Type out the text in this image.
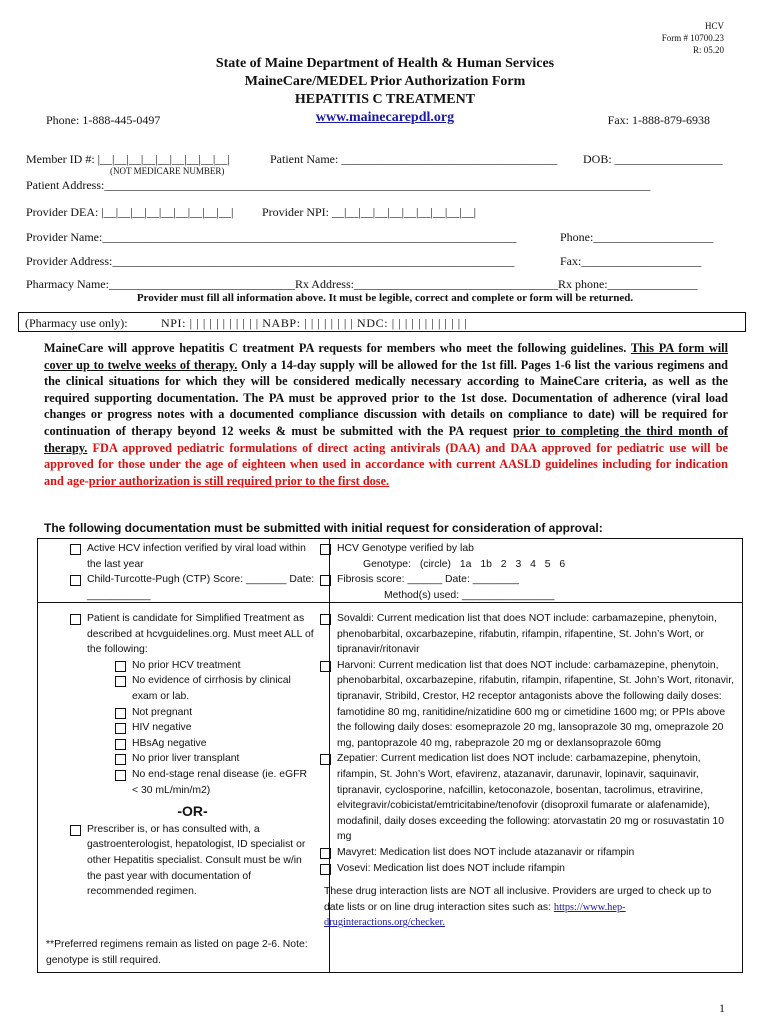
HCV
Form # 10700.23
R: 05.20
State of Maine Department of Health & Human Services
MaineCare/MEDEL Prior Authorization Form
HEPATITIS C TREATMENT
www.mainecarepdl.org
Phone: 1-888-445-0497	Fax: 1-888-879-6938
Member ID #: |__|__|__|__|__|__|__|__|__|
(NOT MEDICARE NUMBER)
Patient Name: ____________________________________ DOB: __________________
Patient Address:___________________________________________________________________________________________
Provider DEA: |__|__|__|__|__|__|__|__|__| Provider NPI: __|__|__|__|__|__|__|__|__|__|
Provider Name:_____________________________________________________________________	Phone:____________________
Provider Address:___________________________________________________________________	Fax:____________________
Pharmacy Name:_______________________________Rx Address:__________________________________Rx phone:_______________
Provider must fill all information above. It must be legible, correct and complete or form will be returned.
(Pharmacy use only):	NPI: | | | | | | | | | | | NABP: | | | | | | | | NDC: | | | | | | | | | | | |
MaineCare will approve hepatitis C treatment PA requests for members who meet the following guidelines. This PA form will cover up to twelve weeks of therapy. Only a 14-day supply will be allowed for the 1st fill. Pages 1-6 list the various regimens and the clinical situations for which they will be considered medically necessary according to MaineCare criteria, as well as the required supporting documentation. The PA must be approved prior to the 1st dose. Documentation of adherence (viral load changes or progress notes with a documented compliance discussion with details on compliance to date) will be required for continuation of therapy beyond 12 weeks & must be submitted with the PA request prior to completing the third month of therapy. FDA approved pediatric formulations of direct acting antivirals (DAA) and DAA approved for pediatric use will be approved for those under the age of eighteen when used in accordance with current AASLD guidelines including for indication and age-prior authorization is still required prior to the first dose.
The following documentation must be submitted with initial request for consideration of approval:
Active HCV infection verified by viral load within the last year
Child-Turcotte-Pugh (CTP) Score: _______ Date: ___________
HCV Genotype verified by lab
Genotype: (circle) 1a 1b 2 3 4 5 6
Fibrosis score: ______ Date: ________
Method(s) used: ________________
Patient is candidate for Simplified Treatment as described at hcvguidelines.org. Must meet ALL of the following:
No prior HCV treatment
No evidence of cirrhosis by clinical exam or lab.
Not pregnant
HIV negative
HBsAg negative
No prior liver transplant
No end-stage renal disease (ie. eGFR < 30 mL/min/m2)
-OR-
Prescriber is, or has consulted with, a gastroenterologist, hepatologist, ID specialist or other Hepatitis specialist. Consult must be w/in the past year with documentation of recommended regimen.
**Preferred regimens remain as listed on page 2-6. Note: genotype is still required.
Sovaldi: Current medication list that does NOT include: carbamazepine, phenytoin, phenobarbital, oxcarbazepine, rifabutin, rifampin, rifapentine, St. John’s Wort, or tipranavir/ritonavir
Harvoni: Current medication list that does NOT include: carbamazepine, phenytoin, phenobarbital, oxcarbazepine, rifabutin, rifampin, rifapentine, St. John’s Wort, ritonavir, tipranavir, Stribild, Crestor, H2 receptor antagonists above the following daily doses: famotidine 80 mg, ranitidine/nizatidine 600 mg or cimetidine 1600 mg; or PPIs above the following daily doses: esomeprazole 20 mg, lansoprazole 30 mg, omeprazole 20 mg, pantoprazole 40 mg, rabeprazole 20 mg or dexlansoprazole 60mg
Zepatier: Current medication list does NOT include: carbamazepine, phenytoin, rifampin, St. John’s Wort, efavirenz, atazanavir, darunavir, lopinavir, saquinavir, tipranavir, cyclosporine, nafcillin, ketoconazole, bosentan, tacrolimus, etravirine, elvitegravir/cobicistat/emtricitabine/tenofovir (disoproxil fumarate or alafenamide), modafinil, daily doses exceeding the following: atorvastatin 20 mg or rosuvastatin 10 mg
Mavyret: Medication list does NOT include atazanavir or rifampin
Vosevi: Medication list does NOT include rifampin
These drug interaction lists are NOT all inclusive. Providers are urged to check up to date lists or on line drug interaction sites such as: https://www.hep-druginteractions.org/checker.
1
